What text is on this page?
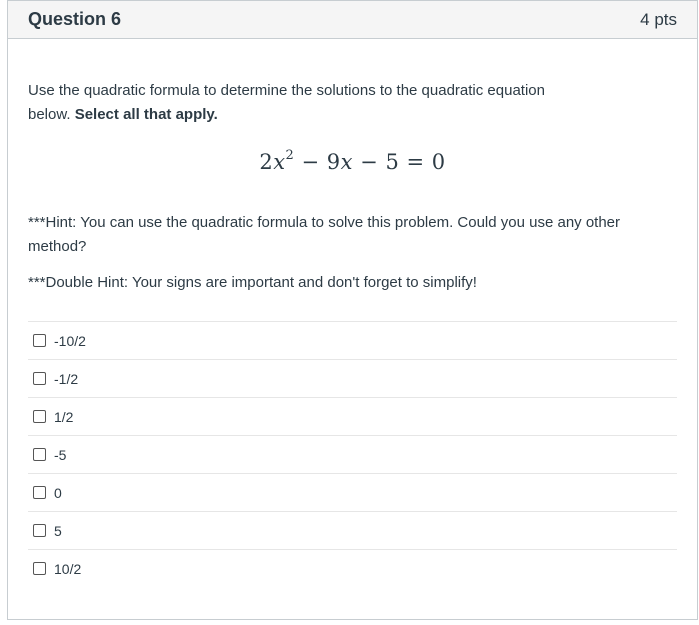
Question 6	4 pts

Use the quadratic formula to determine the solutions to the quadratic equation below. Select all that apply.

$2x^2 - 9x - 5 = 0$

***Hint: You can use the quadratic formula to solve this problem. Could you use any other method?

***Double Hint: Your signs are important and don't forget to simplify!

-10/2
-1/2
1/2
-5
0
5
10/2
